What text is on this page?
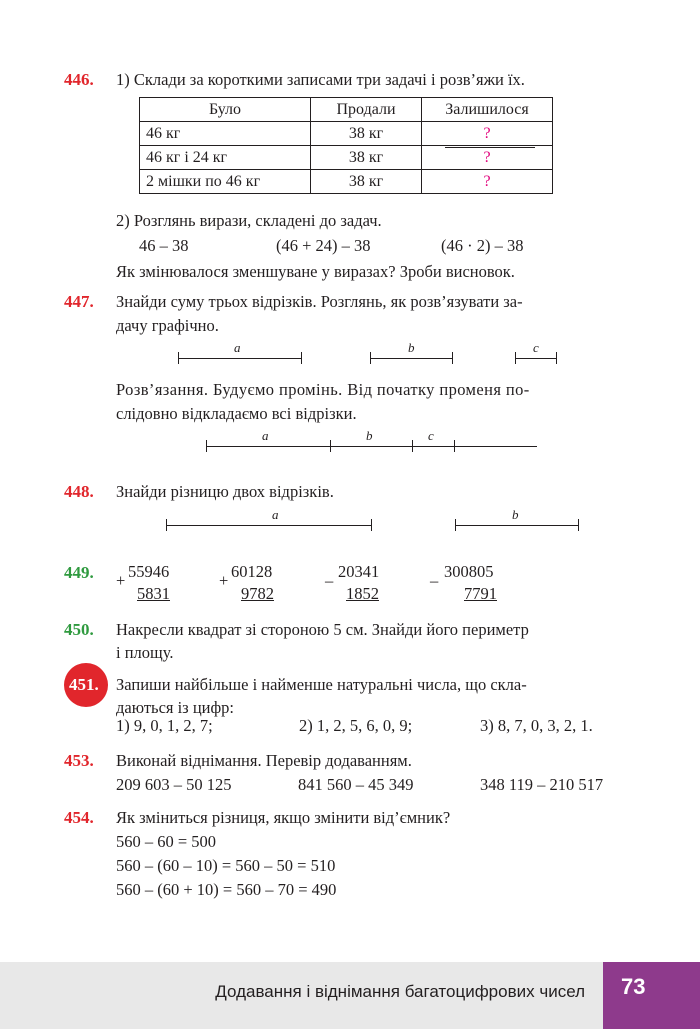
446. 1) Склади за короткими записами три задачі і розв’яжи їх.
Було	Продали	Залишилося
46 кг	38 кг	?
46 кг і 24 кг	38 кг	?
2 мішки по 46 кг	38 кг	?
2) Розглянь вирази, складені до задач.
46 – 38	(46 + 24) – 38	(46 · 2) – 38
Як змінювалося зменшуване у виразах? Зроби висновок.
447. Знайди суму трьох відрізків. Розглянь, як розв’язувати за-
дачу графічно.
a	b	c
Розв’язання. Будуємо промінь. Від початку променя по-
слідовно відкладаємо всі відрізки.
a	b	c
448. Знайди різницю двох відрізків.
a	b
449. + 55946
5831
+ 60128
9782
– 20341
1852
– 300805
7791
450. Накресли квадрат зі стороною 5 см. Знайди його периметр
і площу.
451. Запиши найбільше і найменше натуральні числа, що скла-
даються із цифр:
1) 9, 0, 1, 2, 7;	2) 1, 2, 5, 6, 0, 9;	3) 8, 7, 0, 3, 2, 1.
453. Виконай віднімання. Перевір додаванням.
209 603 – 50 125	841 560 – 45 349	348 119 – 210 517
454. Як зміниться різниця, якщо змінити від’ємник?
560 – 60 = 500
560 – (60 – 10) = 560 – 50 = 510
560 – (60 + 10) = 560 – 70 = 490
Додавання і віднімання багатоцифрових чисел 73
